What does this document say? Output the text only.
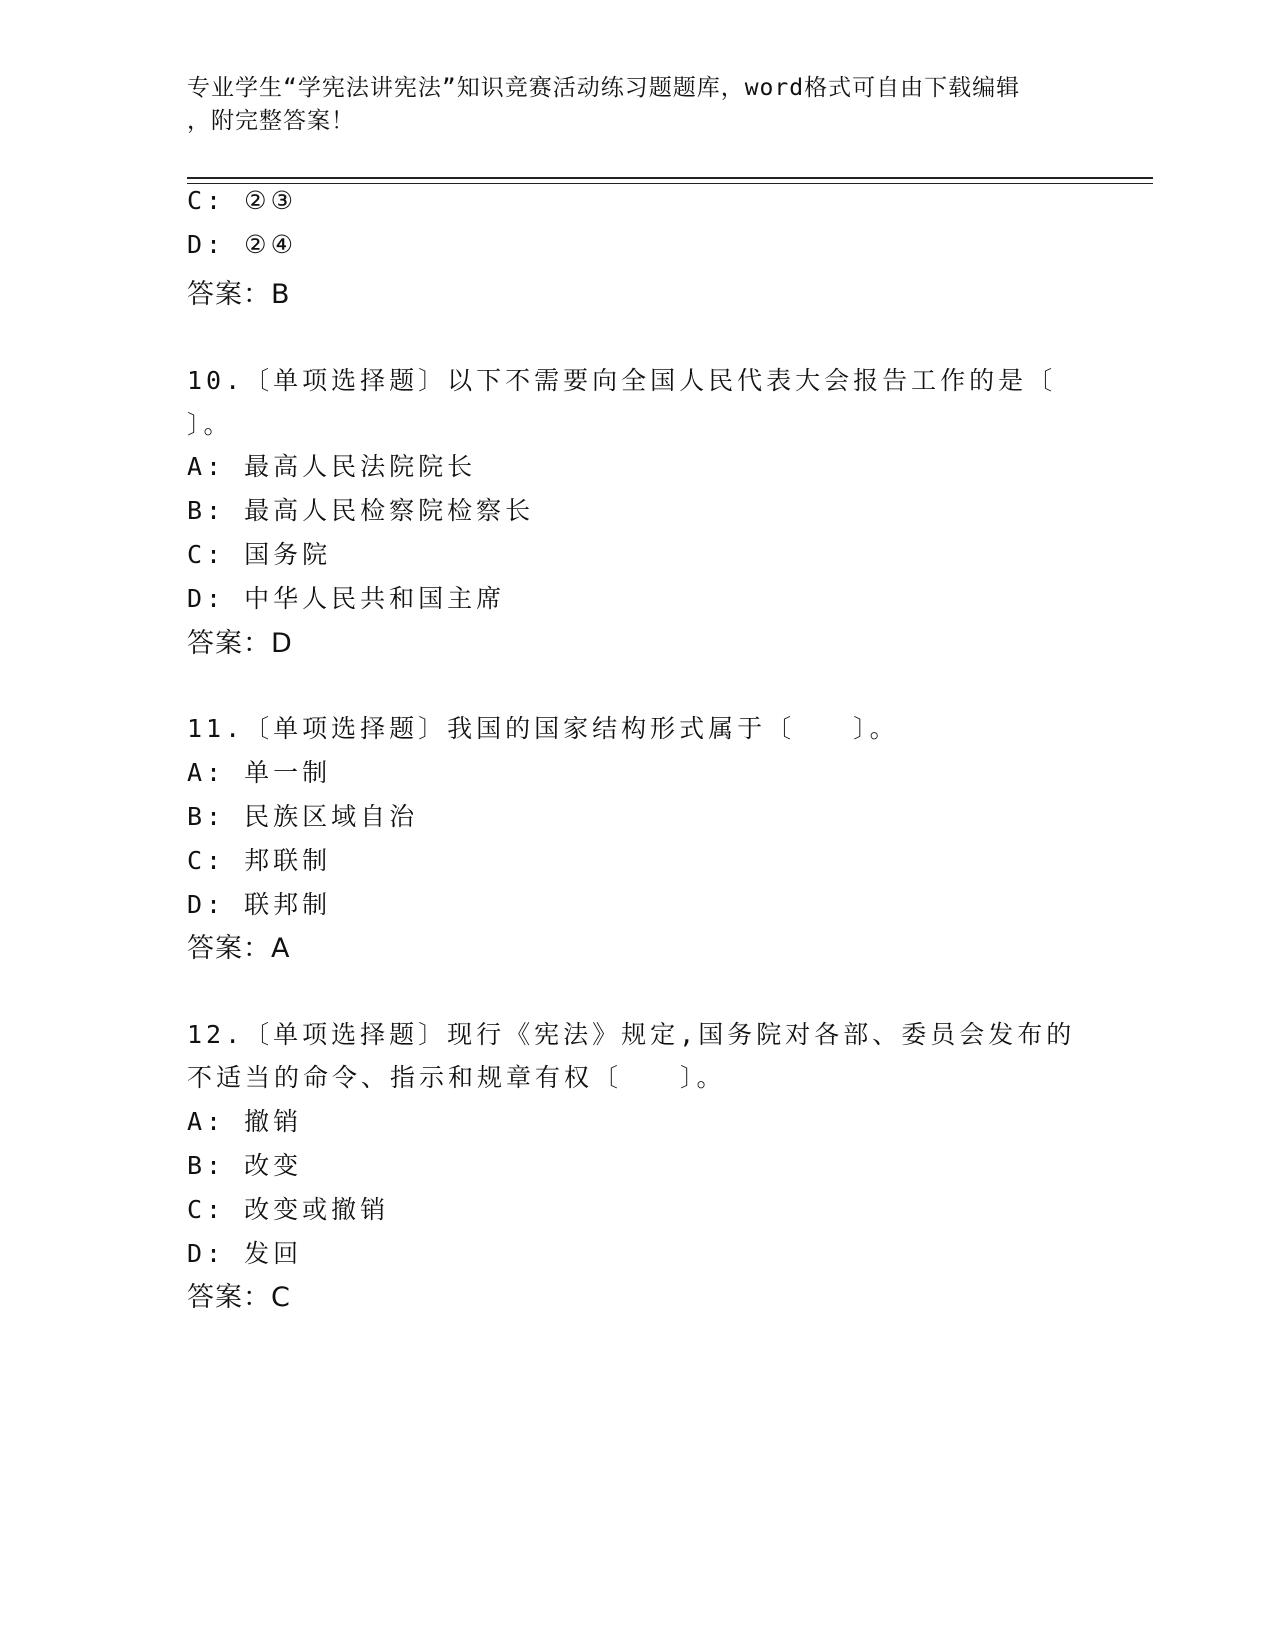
专业学生“学宪法讲宪法”知识竞赛活动练习题题库，word格式可自由下载编辑
，附完整答案！
C: ②③
D: ②④
答案：B
10.〔单项选择题〕以下不需要向全国人民代表大会报告工作的是〔
〕。
A: 最高人民法院院长
B: 最高人民检察院检察长
C: 国务院
D: 中华人民共和国主席
答案：D
11.〔单项选择题〕我国的国家结构形式属于〔　　〕。
A: 单一制
B: 民族区域自治
C: 邦联制
D: 联邦制
答案：A
12.〔单项选择题〕现行《宪法》规定,国务院对各部、委员会发布的
不适当的命令、指示和规章有权〔　　〕。
A: 撤销
B: 改变
C: 改变或撤销
D: 发回
答案：C
